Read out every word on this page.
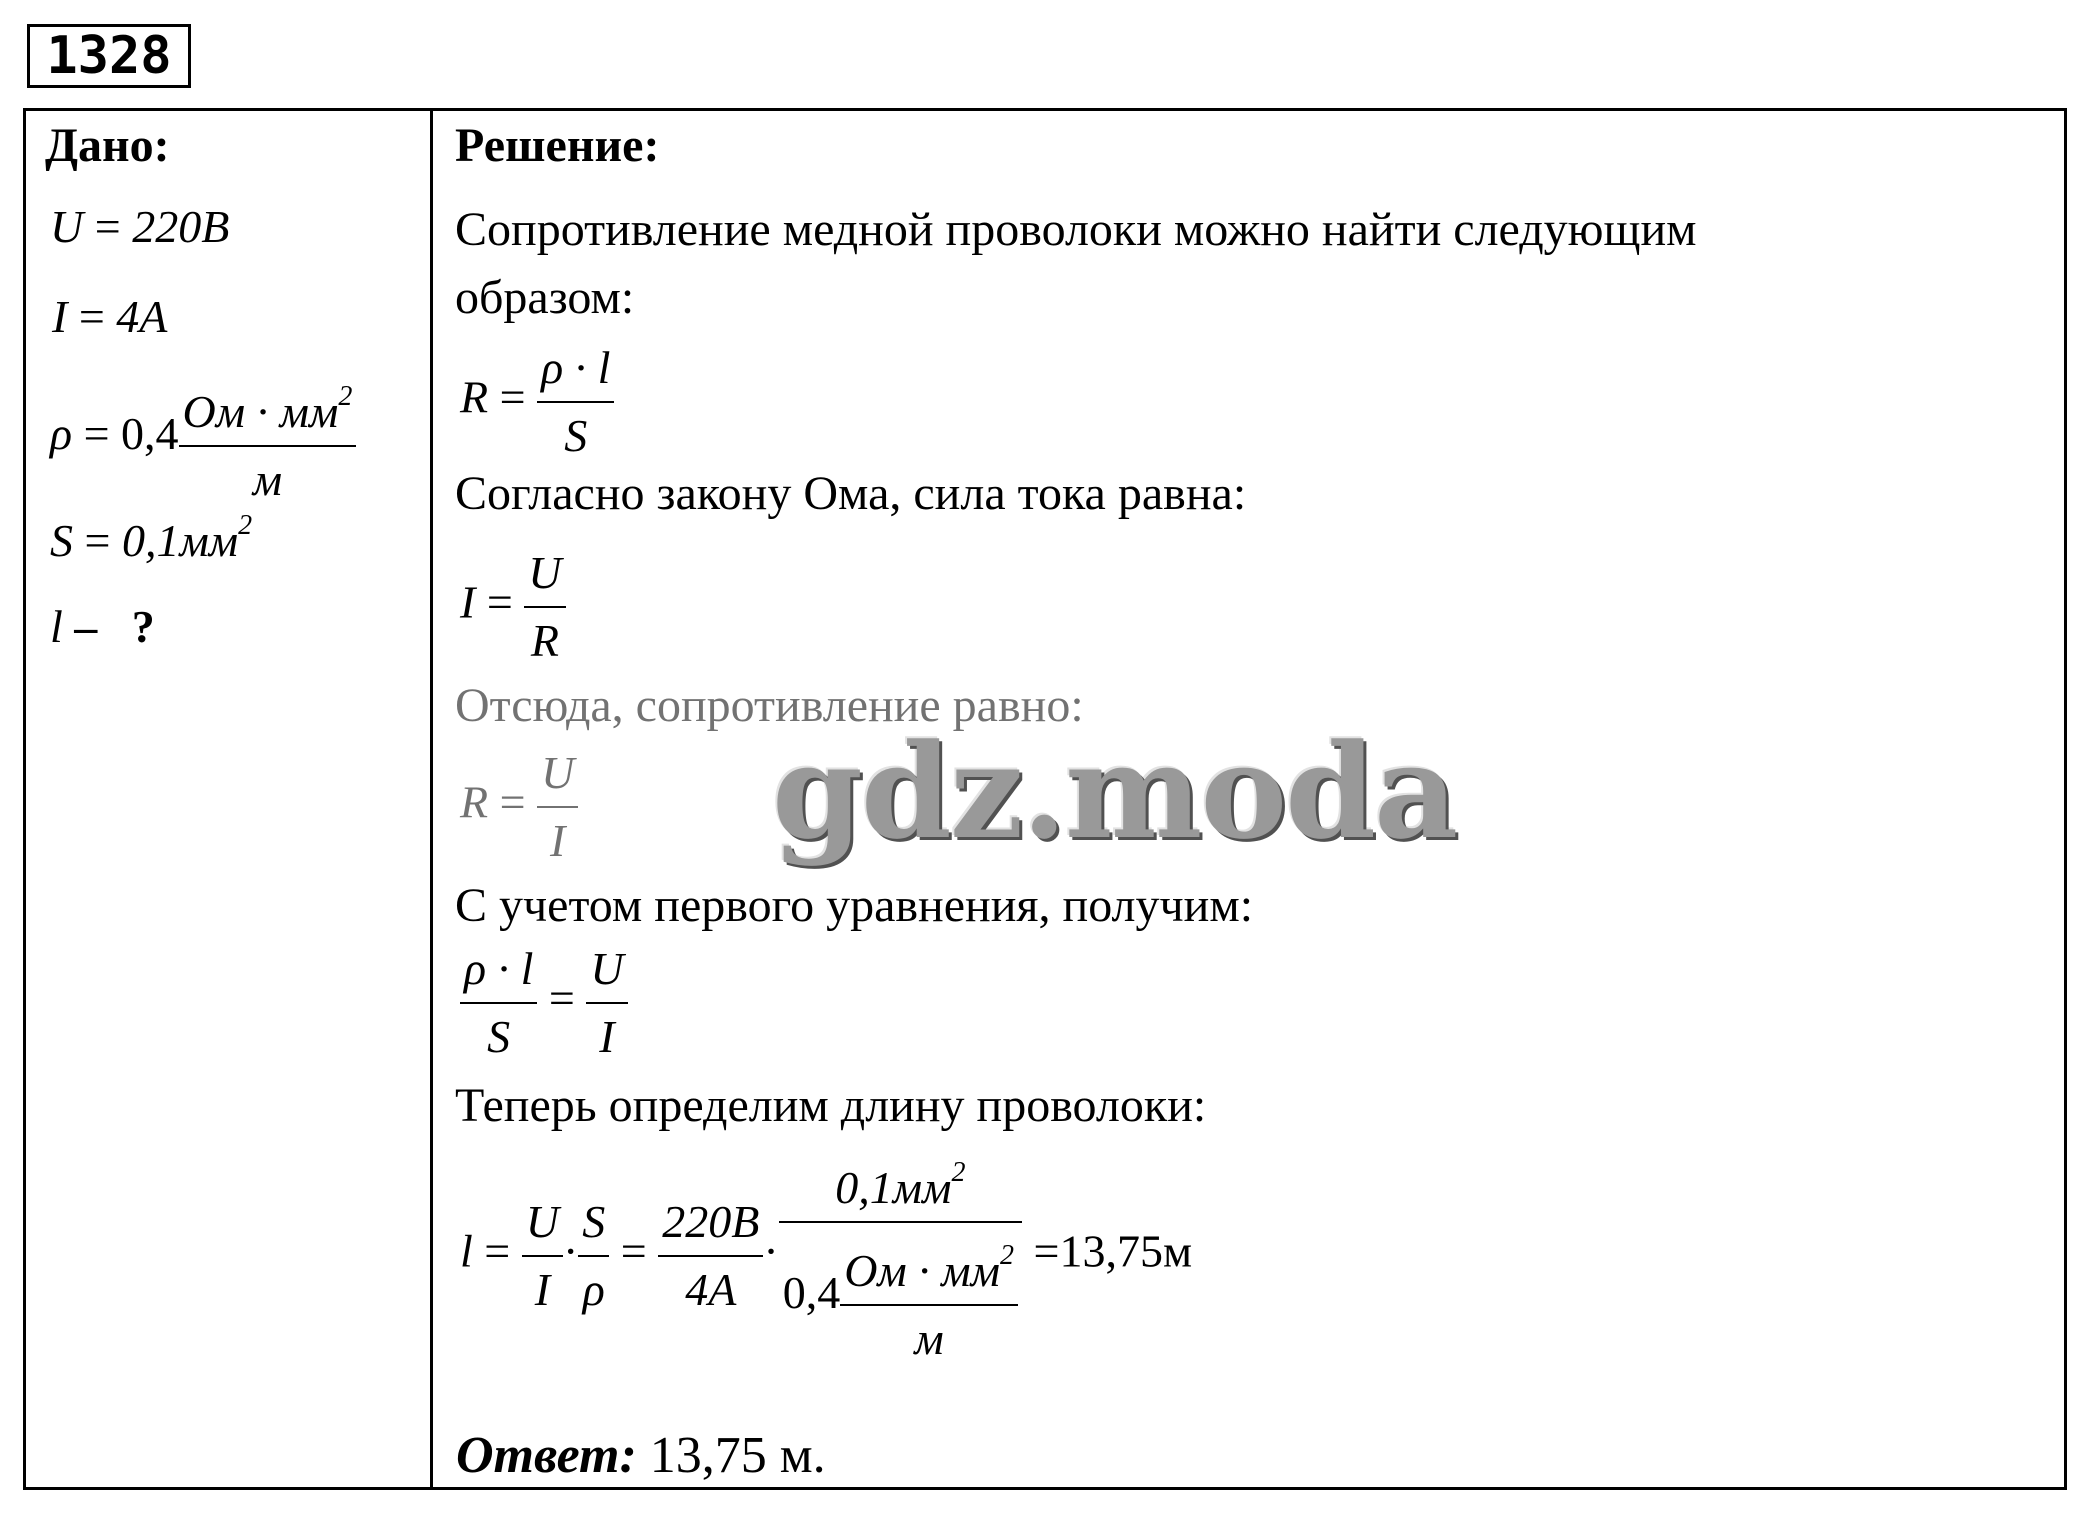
1328
Дано:
U = 220B
I = 4A
$\rho = 0,4 \frac{Ом \cdot мм^2}{м}$
$S = 0,1мм^2$
l – ?
Решение:
Сопротивление медной проволоки можно найти следующим
образом:
$R = \frac{\rho \cdot l}{S}$
Согласно закону Ома, сила тока равна:
$I = \frac{U}{R}$
Отсюда, сопротивление равно:
$R = \frac{U}{I}$
С учетом первого уравнения, получим:
$\frac{\rho \cdot l}{S} = \frac{U}{I}$
Теперь определим длину проволоки:
$l = \frac{U}{I} \cdot \frac{S}{\rho} = \frac{220B}{4A} \cdot \frac{0,1мм^2}{0,4 \frac{Ом \cdot мм^2}{м}} =13,75м$
Ответ: 13,75 м.
gdz.moda
